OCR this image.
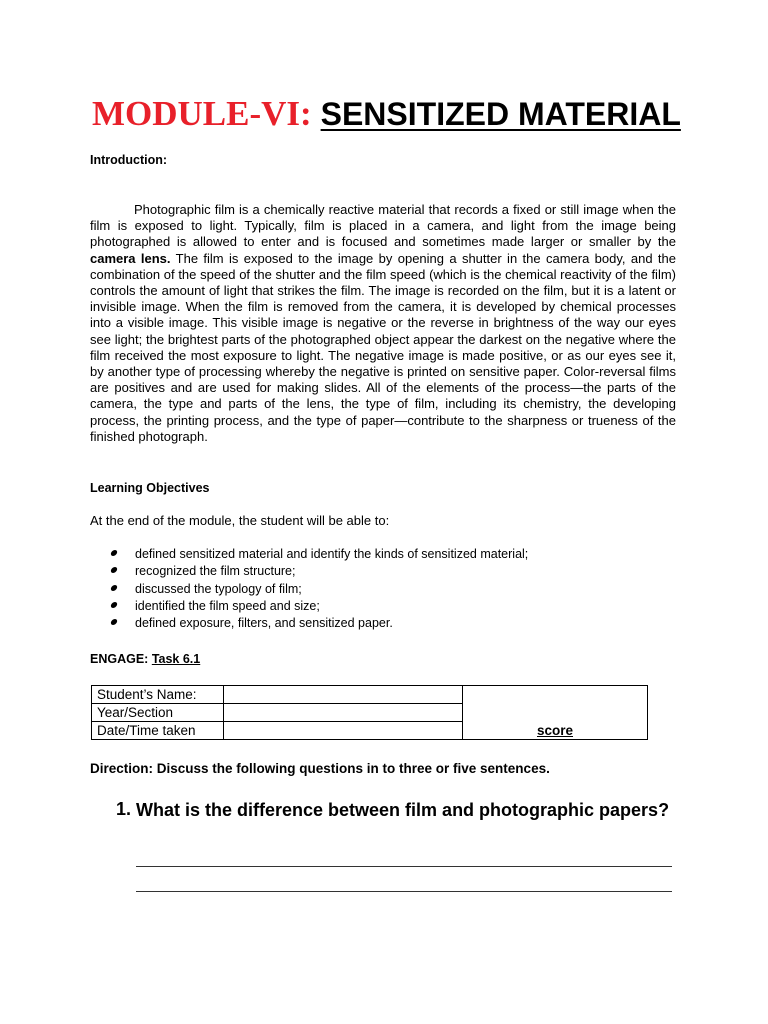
MODULE-VI: SENSITIZED MATERIAL

Introduction:

Photographic film is a chemically reactive material that records a fixed or still image when the film is exposed to light. Typically, film is placed in a camera, and light from the image being photographed is allowed to enter and is focused and sometimes made larger or smaller by the camera lens. The film is exposed to the image by opening a shutter in the camera body, and the combination of the speed of the shutter and the film speed (which is the chemical reactivity of the film) controls the amount of light that strikes the film. The image is recorded on the film, but it is a latent or invisible image. When the film is removed from the camera, it is developed by chemical processes into a visible image. This visible image is negative or the reverse in brightness of the way our eyes see light; the brightest parts of the photographed object appear the darkest on the negative where the film received the most exposure to light. The negative image is made positive, or as our eyes see it, by another type of processing whereby the negative is printed on sensitive paper. Color-reversal films are positives and are used for making slides. All of the elements of the process—the parts of the camera, the type and parts of the lens, the type of film, including its chemistry, the developing process, the printing process, and the type of paper—contribute to the sharpness or trueness of the finished photograph.

Learning Objectives

At the end of the module, the student will be able to:

defined sensitized material and identify the kinds of sensitized material;
recognized the film structure;
discussed the typology of film;
identified the film speed and size;
defined exposure, filters, and sensitized paper.

ENGAGE: Task 6.1

Student’s Name:		score
Year/Section		
Date/Time taken		

Direction: Discuss the following questions in to three or five sentences.

1. What is the difference between film and photographic papers?
